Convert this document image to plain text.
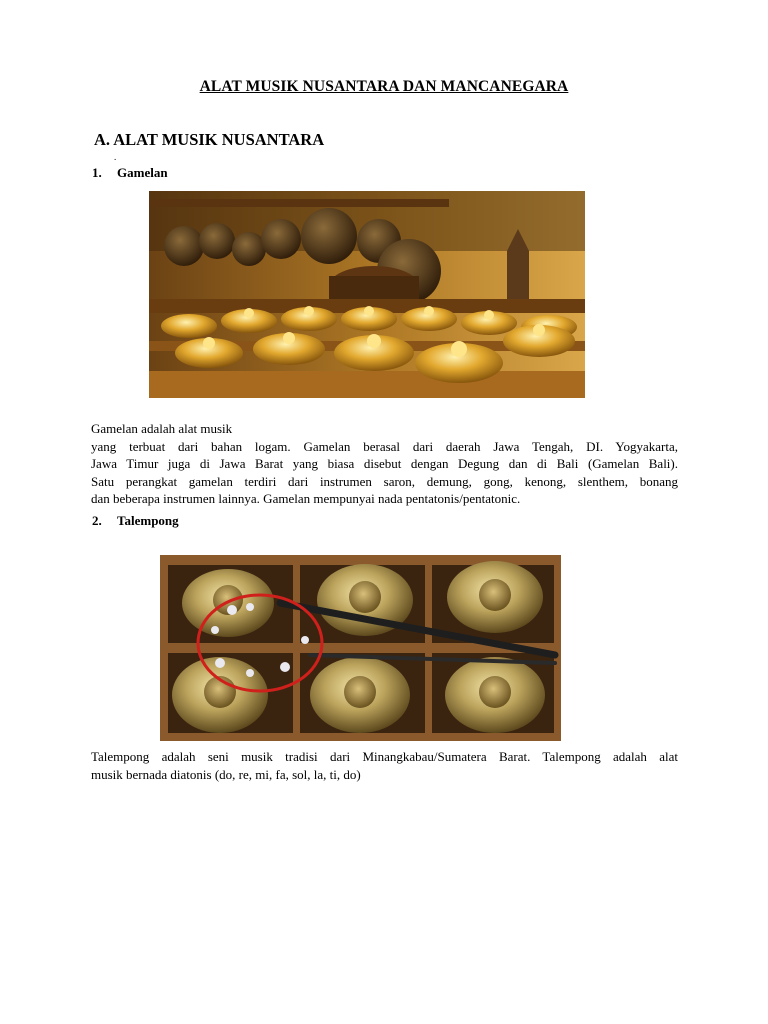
ALAT MUSIK NUSANTARA DAN MANCANEGARA
A. ALAT MUSIK NUSANTARA
.
1. Gamelan
Gamelan adalah alat musik
yang terbuat dari bahan logam. Gamelan berasal dari daerah Jawa Tengah, DI. Yogyakarta,
Jawa Timur juga di Jawa Barat yang biasa disebut dengan Degung dan di Bali (Gamelan Bali).
Satu perangkat gamelan terdiri dari instrumen saron, demung, gong, kenong, slenthem, bonang
dan beberapa instrumen lainnya. Gamelan mempunyai nada pentatonis/pentatonic.
2. Talempong
Talempong adalah seni musik tradisi dari Minangkabau/Sumatera Barat. Talempong adalah alat
musik bernada diatonis (do, re, mi, fa, sol, la, ti, do)
